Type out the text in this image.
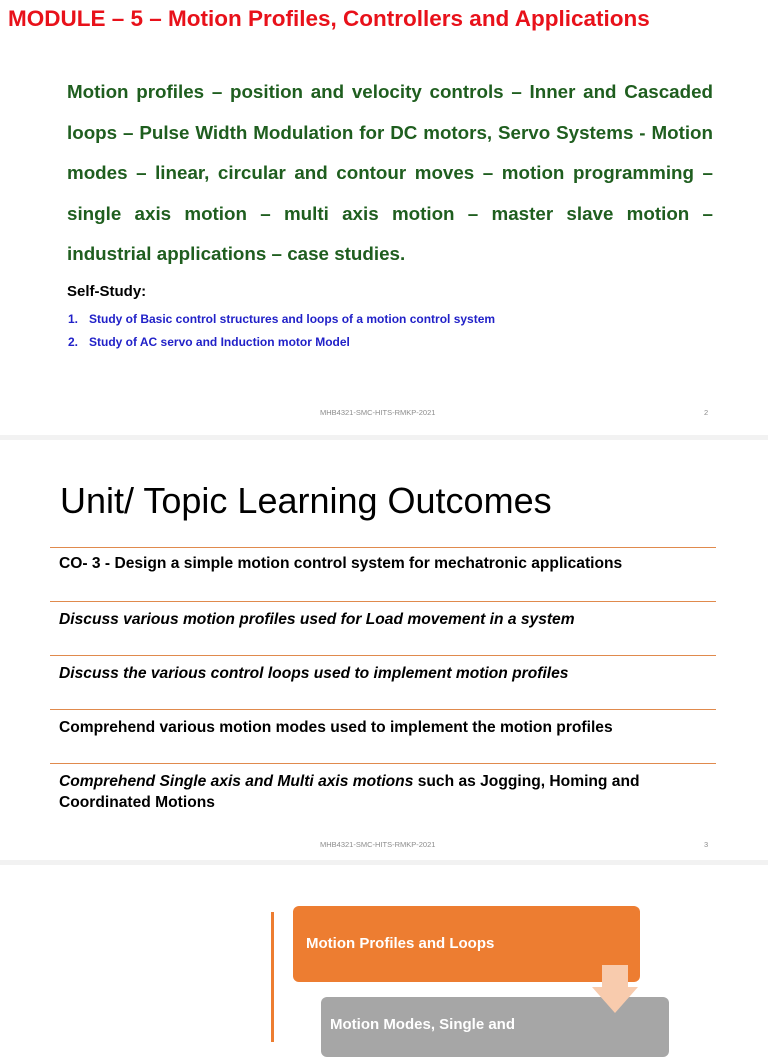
MODULE – 5 – Motion Profiles, Controllers and Applications

Motion profiles – position and velocity controls – Inner and Cascaded loops – Pulse Width Modulation for DC motors, Servo Systems - Motion modes – linear, circular and contour moves – motion programming – single axis motion – multi axis motion – master slave motion – industrial applications – case studies.

Self-Study:

1. Study of Basic control structures and loops of a motion control system
2. Study of AC servo and Induction motor Model
MHB4321-SMC-HITS-RMKP-2021	2
Unit/ Topic Learning Outcomes
CO- 3 - Design a simple motion control system for mechatronic applications
Discuss various motion profiles used for Load movement in a system
Discuss the various control loops used to implement motion profiles
Comprehend various motion modes used to implement the motion profiles
Comprehend Single axis and Multi axis motions such as Jogging, Homing and Coordinated Motions
MHB4321-SMC-HITS-RMKP-2021	3
Motion Profiles and Loops
Motion Modes, Single and
